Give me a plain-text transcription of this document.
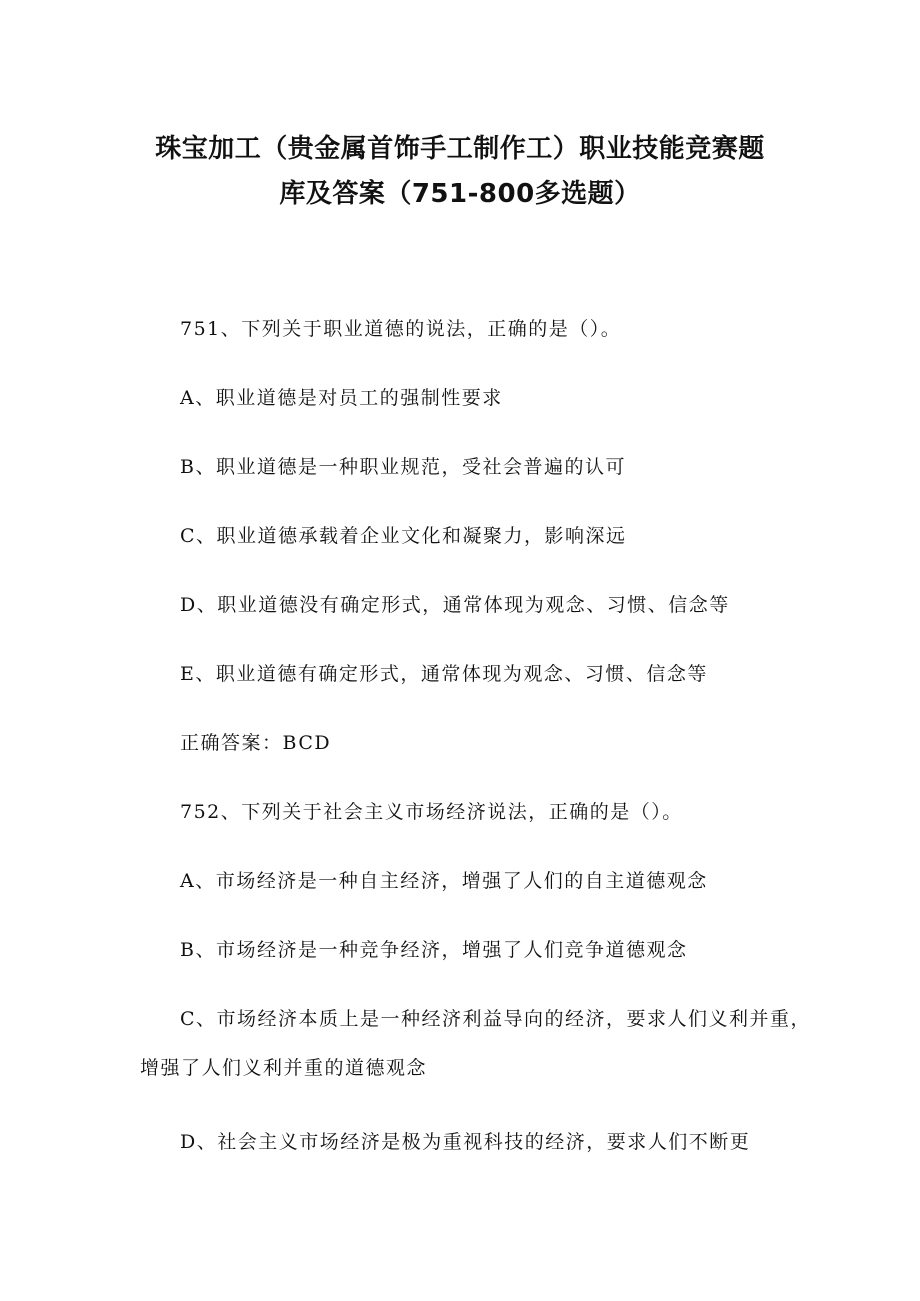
珠宝加工（贵金属首饰手工制作工）职业技能竞赛题
库及答案（751-800多选题）
751、下列关于职业道德的说法，正确的是（）。
A、职业道德是对员工的强制性要求
B、职业道德是一种职业规范，受社会普遍的认可
C、职业道德承载着企业文化和凝聚力，影响深远
D、职业道德没有确定形式，通常体现为观念、习惯、信念等
E、职业道德有确定形式，通常体现为观念、习惯、信念等
正确答案：BCD
752、下列关于社会主义市场经济说法，正确的是（）。
A、市场经济是一种自主经济，增强了人们的自主道德观念
B、市场经济是一种竞争经济，增强了人们竞争道德观念
C、市场经济本质上是一种经济利益导向的经济，要求人们义利并重，
增强了人们义利并重的道德观念
D、社会主义市场经济是极为重视科技的经济，要求人们不断更
